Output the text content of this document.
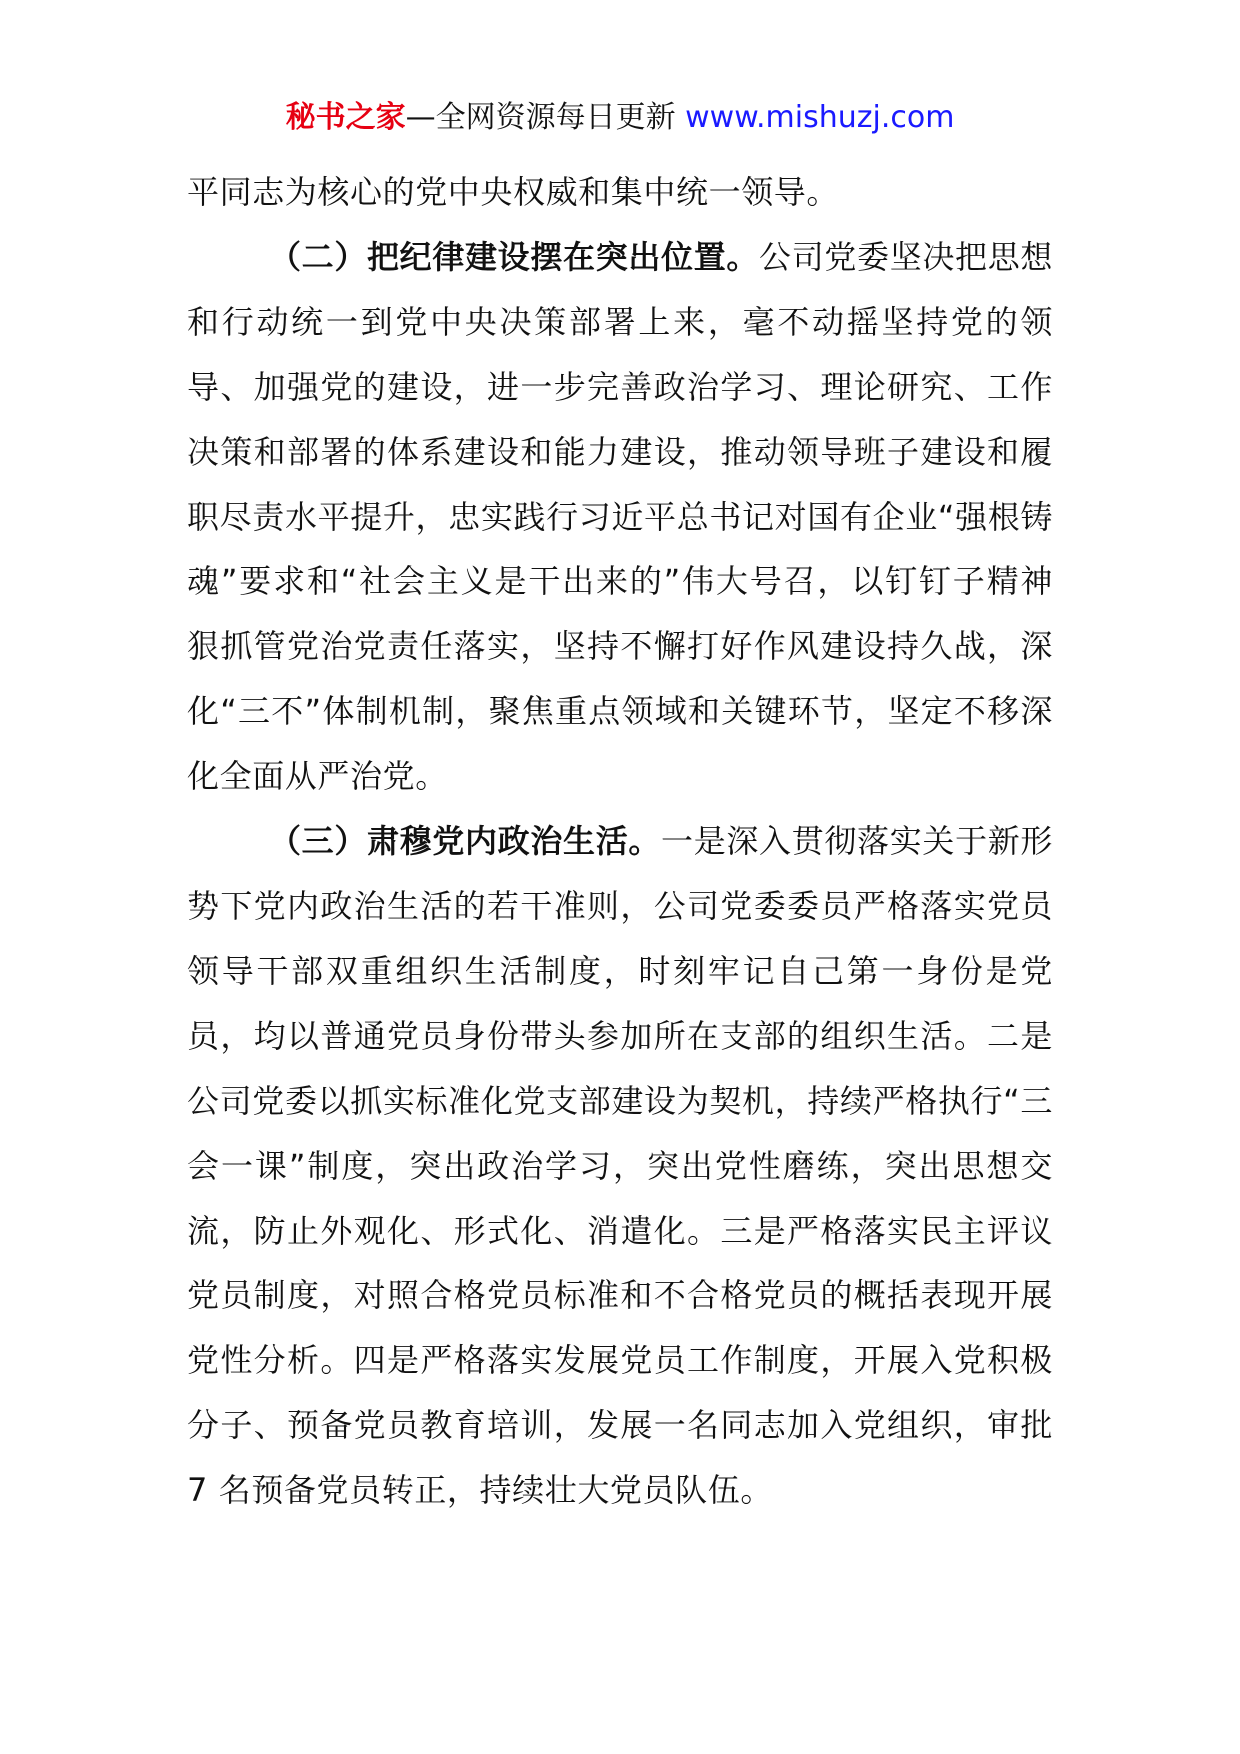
秘书之家—全网资源每日更新 www.mishuzj.com

平同志为核心的党中央权威和集中统一领导。

（二）把纪律建设摆在突出位置。公司党委坚决把思想和行动统一到党中央决策部署上来，毫不动摇坚持党的领导、加强党的建设，进一步完善政治学习、理论研究、工作决策和部署的体系建设和能力建设，推动领导班子建设和履职尽责水平提升，忠实践行习近平总书记对国有企业“强根铸魂”要求和“社会主义是干出来的”伟大号召，以钉钉子精神狠抓管党治党责任落实，坚持不懈打好作风建设持久战，深化“三不”体制机制，聚焦重点领域和关键环节，坚定不移深化全面从严治党。

（三）肃穆党内政治生活。一是深入贯彻落实关于新形势下党内政治生活的若干准则，公司党委委员严格落实党员领导干部双重组织生活制度，时刻牢记自己第一身份是党员，均以普通党员身份带头参加所在支部的组织生活。二是公司党委以抓实标准化党支部建设为契机，持续严格执行“三会一课”制度，突出政治学习，突出党性磨练，突出思想交流，防止外观化、形式化、消遣化。三是严格落实民主评议党员制度，对照合格党员标准和不合格党员的概括表现开展党性分析。四是严格落实发展党员工作制度，开展入党积极分子、预备党员教育培训，发展一名同志加入党组织，审批 7 名预备党员转正，持续壮大党员队伍。
